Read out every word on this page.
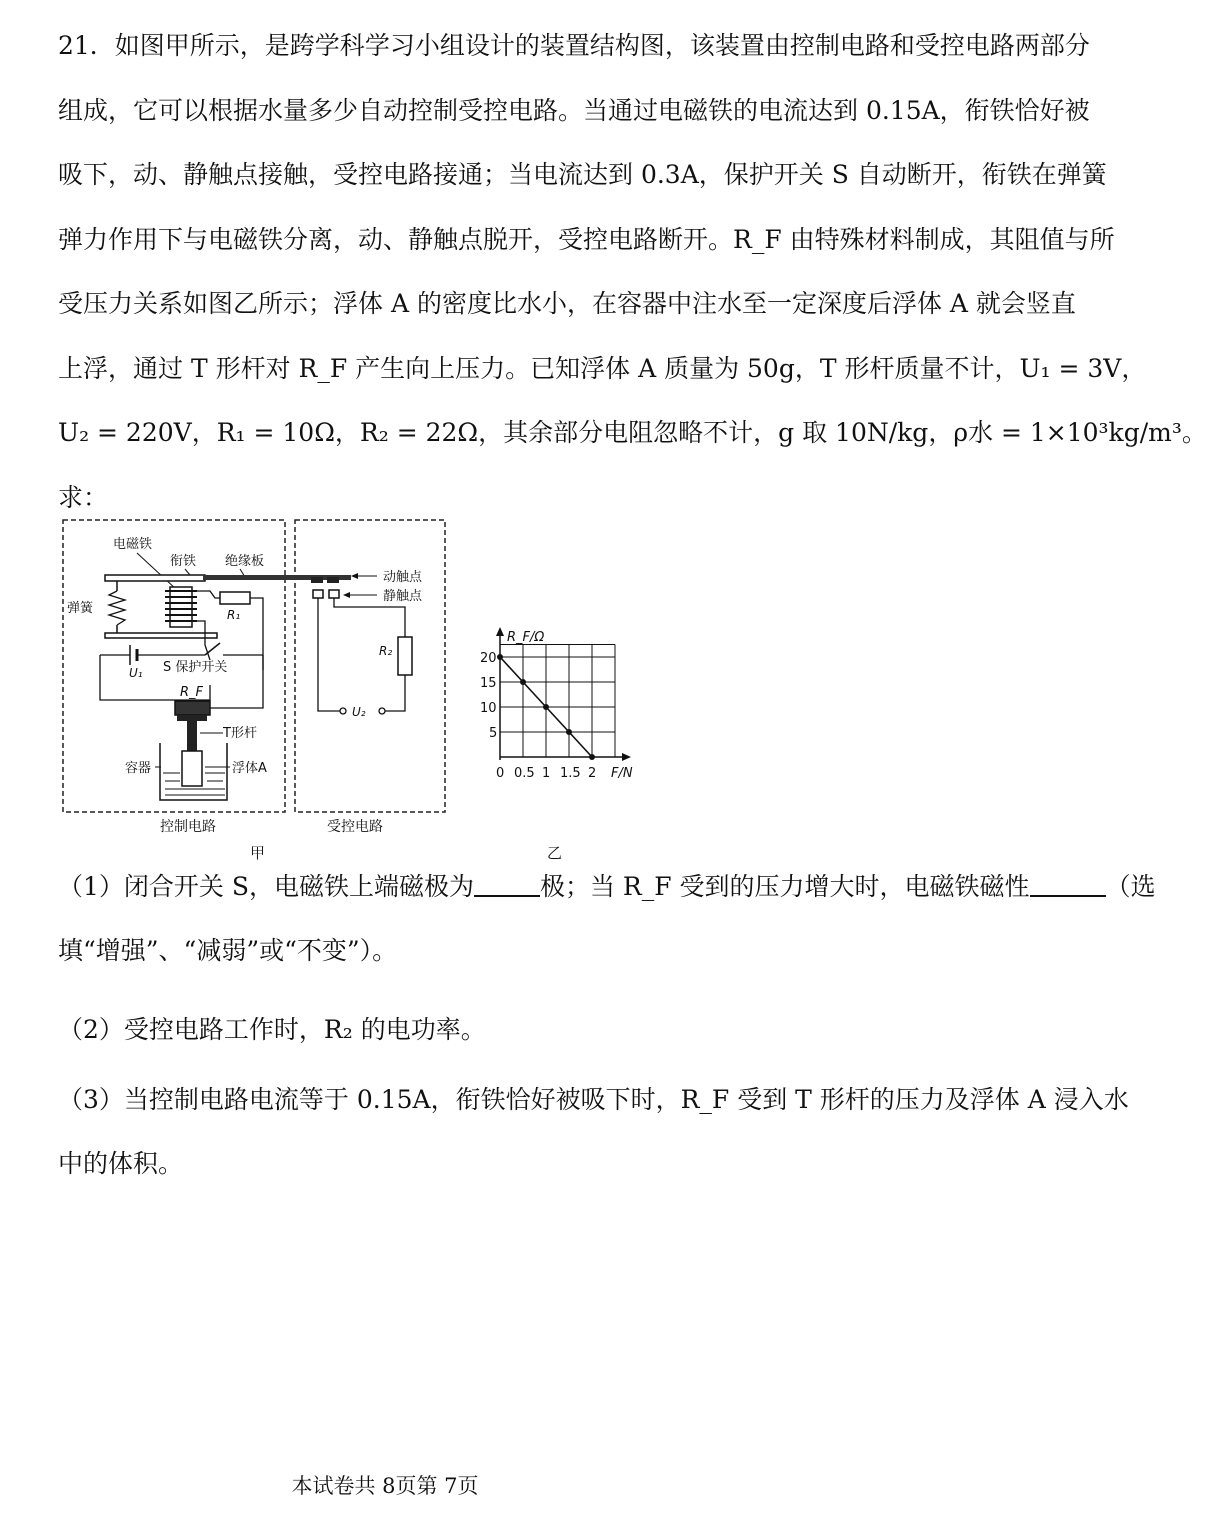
21．如图甲所示，是跨学科学习小组设计的装置结构图，该装置由控制电路和受控电路两部分
组成，它可以根据水量多少自动控制受控电路。当通过电磁铁的电流达到 0.15A，衔铁恰好被
吸下，动、静触点接触，受控电路接通；当电流达到 0.3A，保护开关 S 自动断开，衔铁在弹簧
弹力作用下与电磁铁分离，动、静触点脱开，受控电路断开。R_F 由特殊材料制成，其阻值与所
受压力关系如图乙所示；浮体 A 的密度比水小，在容器中注水至一定深度后浮体 A 就会竖直
上浮，通过 T 形杆对 R_F 产生向上压力。已知浮体 A 质量为 50g，T 形杆质量不计，U₁ = 3V，
U₂ = 220V，R₁ = 10Ω，R₂ = 22Ω，其余部分电阻忽略不计，g 取 10N/kg，ρ水 = 1×10³kg/m³。
求：
电磁铁
衔铁 绝缘板
弹簧	R₁
U₁ S 保护开关
R_F
T形杆
容器	浮体A
动触点
静触点
R₂
U₂
控制电路	受控电路
甲
R_F/Ω
F/N
乙
0 0.5 1 1.5 2
5
10
15
20
（1）闭合开关 S，电磁铁上端磁极为	极；当 R_F 受到的压力增大时，电磁铁磁性	（选
填“增强”、“减弱”或“不变”）。
（2）受控电路工作时，R₂ 的电功率。
（3）当控制电路电流等于 0.15A，衔铁恰好被吸下时，R_F 受到 T 形杆的压力及浮体 A 浸入水
中的体积。
本试卷共 8页第 7页
